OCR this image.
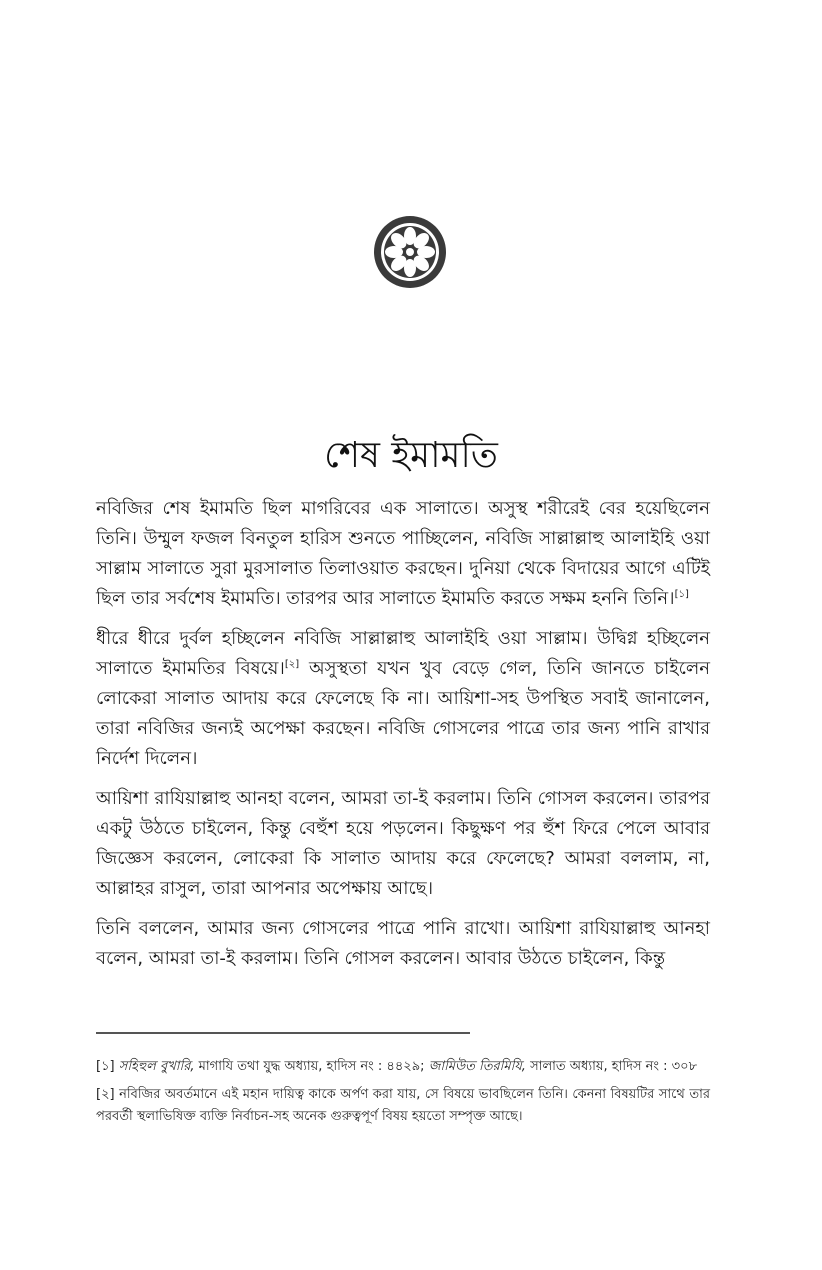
শেষ ইমামতি

নবিজির শেষ ইমামতি ছিল মাগরিবের এক সালাতে। অসুস্থ শরীরেই বের হয়েছিলেন তিনি। উম্মুল ফজল বিনতুল হারিস শুনতে পাচ্ছিলেন, নবিজি সাল্লাল্লাহু আলাইহি ওয়া সাল্লাম সালাতে সুরা মুরসালাত তিলাওয়াত করছেন। দুনিয়া থেকে বিদায়ের আগে এটিই ছিল তার সর্বশেষ ইমামতি। তারপর আর সালাতে ইমামতি করতে সক্ষম হননি তিনি।[১]

ধীরে ধীরে দুর্বল হচ্ছিলেন নবিজি সাল্লাল্লাহু আলাইহি ওয়া সাল্লাম। উদ্বিগ্ন হচ্ছিলেন সালাতে ইমামতির বিষয়ে।[২] অসুস্থতা যখন খুব বেড়ে গেল, তিনি জানতে চাইলেন লোকেরা সালাত আদায় করে ফেলেছে কি না। আয়িশা-সহ উপস্থিত সবাই জানালেন, তারা নবিজির জন্যই অপেক্ষা করছেন। নবিজি গোসলের পাত্রে তার জন্য পানি রাখার নির্দেশ দিলেন।

আয়িশা রাযিয়াল্লাহু আনহা বলেন, আমরা তা-ই করলাম। তিনি গোসল করলেন। তারপর একটু উঠতে চাইলেন, কিন্তু বেহুঁশ হয়ে পড়লেন। কিছুক্ষণ পর হুঁশ ফিরে পেলে আবার জিজ্ঞেস করলেন, লোকেরা কি সালাত আদায় করে ফেলেছে? আমরা বললাম, না, আল্লাহর রাসুল, তারা আপনার অপেক্ষায় আছে।

তিনি বললেন, আমার জন্য গোসলের পাত্রে পানি রাখো। আয়িশা রাযিয়াল্লাহু আনহা বলেন, আমরা তা-ই করলাম। তিনি গোসল করলেন। আবার উঠতে চাইলেন, কিন্তু

[১] সহিহুল বুখারি, মাগাযি তথা যুদ্ধ অধ্যায়, হাদিস নং : ৪৪২৯; জামিউত তিরমিযি, সালাত অধ্যায়, হাদিস নং : ৩০৮

[২] নবিজির অবর্তমানে এই মহান দায়িত্ব কাকে অর্পণ করা যায়, সে বিষয়ে ভাবছিলেন তিনি। কেননা বিষয়টির সাথে তার পরবর্তী স্থলাভিষিক্ত ব্যক্তি নির্বাচন-সহ অনেক গুরুত্বপূর্ণ বিষয় হয়তো সম্পৃক্ত আছে।
